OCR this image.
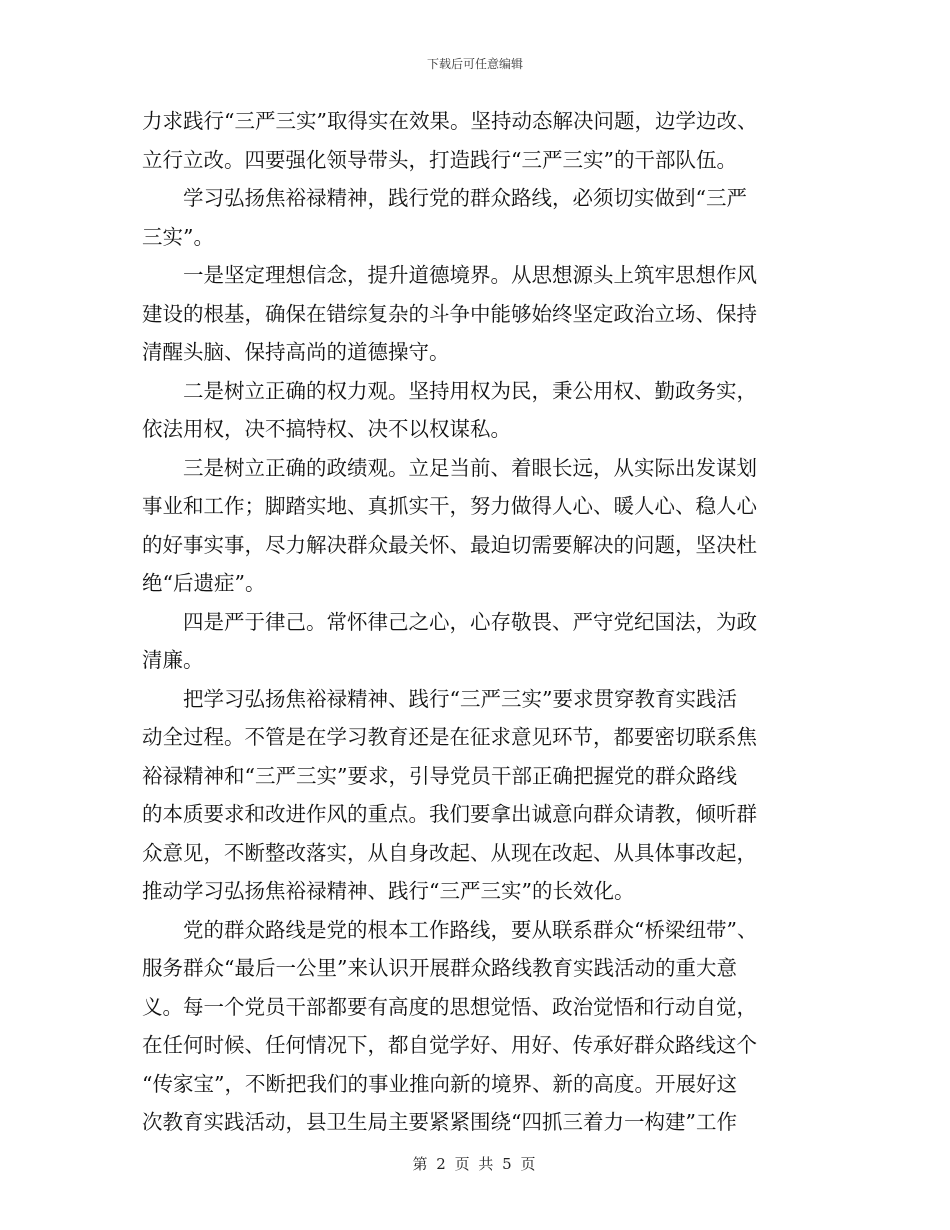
下载后可任意编辑
力求践行“三严三实”取得实在效果。坚持动态解决问题，边学边改、
立行立改。四要强化领导带头，打造践行“三严三实”的干部队伍。
学习弘扬焦裕禄精神，践行党的群众路线，必须切实做到“三严
三实”。
一是坚定理想信念，提升道德境界。从思想源头上筑牢思想作风
建设的根基，确保在错综复杂的斗争中能够始终坚定政治立场、保持
清醒头脑、保持高尚的道德操守。
二是树立正确的权力观。坚持用权为民，秉公用权、勤政务实，
依法用权，决不搞特权、决不以权谋私。
三是树立正确的政绩观。立足当前、着眼长远，从实际出发谋划
事业和工作；脚踏实地、真抓实干，努力做得人心、暖人心、稳人心
的好事实事，尽力解决群众最关怀、最迫切需要解决的问题，坚决杜
绝“后遗症”。
四是严于律己。常怀律己之心，心存敬畏、严守党纪国法，为政
清廉。
把学习弘扬焦裕禄精神、践行“三严三实”要求贯穿教育实践活
动全过程。不管是在学习教育还是在征求意见环节，都要密切联系焦
裕禄精神和“三严三实”要求，引导党员干部正确把握党的群众路线
的本质要求和改进作风的重点。我们要拿出诚意向群众请教，倾听群
众意见，不断整改落实，从自身改起、从现在改起、从具体事改起，
推动学习弘扬焦裕禄精神、践行“三严三实”的长效化。
党的群众路线是党的根本工作路线，要从联系群众“桥梁纽带”、
服务群众“最后一公里”来认识开展群众路线教育实践活动的重大意
义。每一个党员干部都要有高度的思想觉悟、政治觉悟和行动自觉，
在任何时候、任何情况下，都自觉学好、用好、传承好群众路线这个
“传家宝”，不断把我们的事业推向新的境界、新的高度。开展好这
次教育实践活动，县卫生局主要紧紧围绕“四抓三着力一构建”工作
第 2 页 共 5 页
